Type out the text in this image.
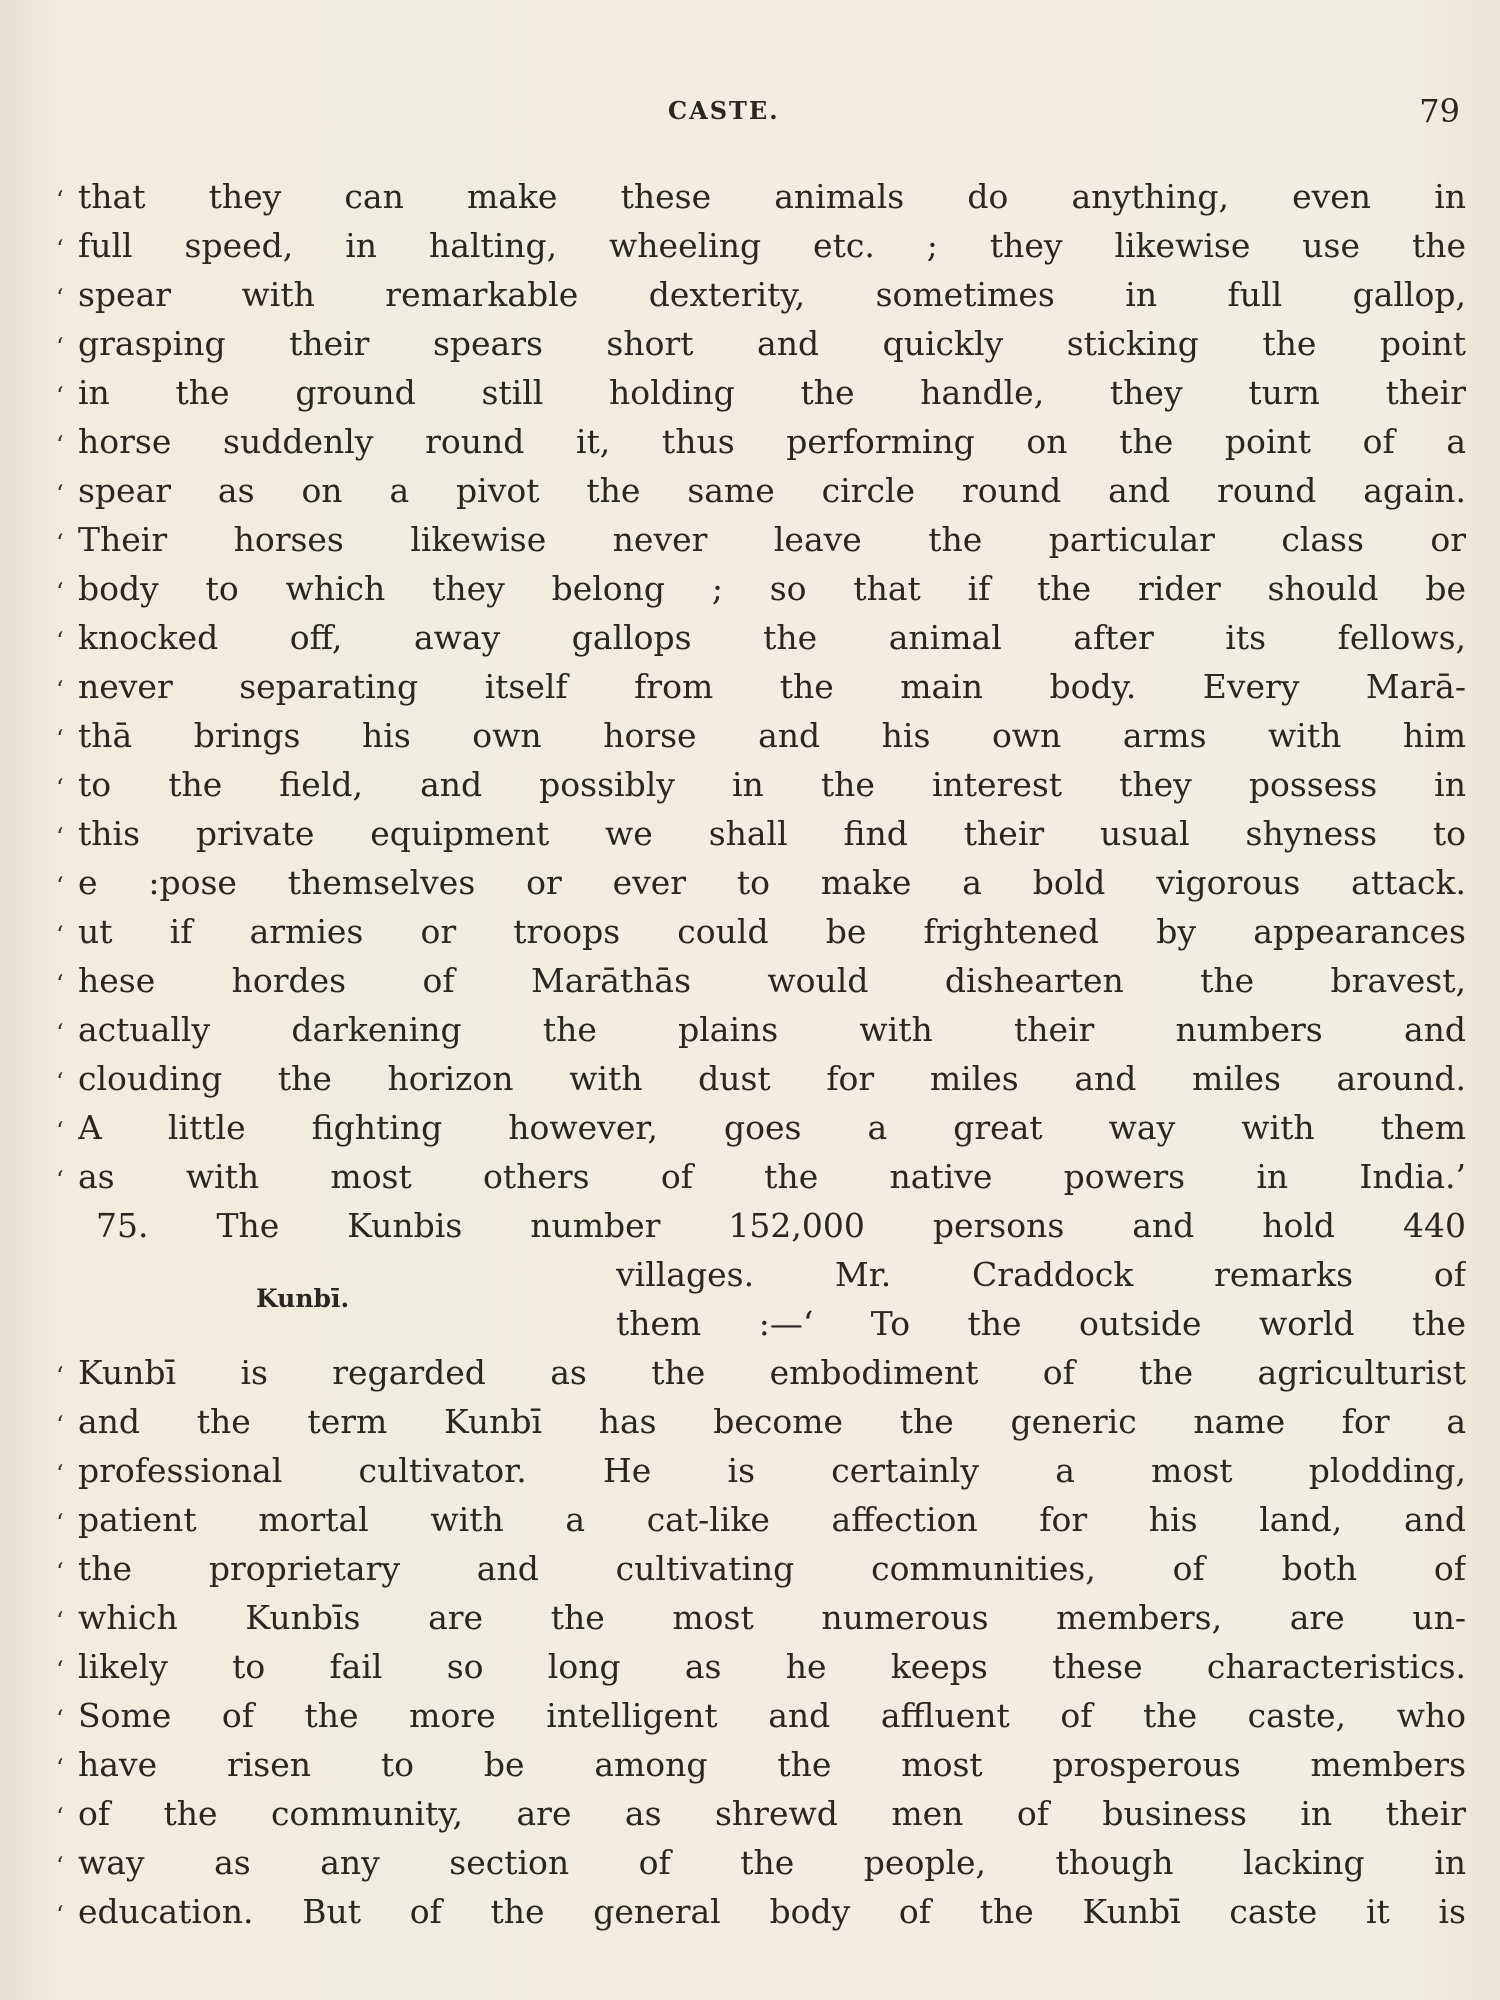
CASTE.	79
‘ that they can make these animals do anything, even in
‘ full speed, in halting, wheeling etc. ; they likewise use the
‘ spear with remarkable dexterity, sometimes in full gallop,
‘ grasping their spears short and quickly sticking the point
‘ in the ground still holding the handle, they turn their
‘ horse suddenly round it, thus performing on the point of a
‘ spear as on a pivot the same circle round and round again.
‘ Their horses likewise never leave the particular class or
‘ body to which they belong ; so that if the rider should be
‘ knocked off, away gallops the animal after its fellows,
‘ never separating itself from the main body. Every Marā-
‘ thā brings his own horse and his own arms with him
‘ to the field, and possibly in the interest they possess in
‘ this private equipment we shall find their usual shyness to
‘ e :pose themselves or ever to make a bold vigorous attack.
‘ ut if armies or troops could be frightened by appearances
‘ hese hordes of Marāthās would dishearten the bravest,
‘ actually darkening the plains with their numbers and
‘ clouding the horizon with dust for miles and miles around.
‘ A little fighting however, goes a great way with them
‘ as with most others of the native powers in India.’
75. The Kunbis number 152,000 persons and hold 440
Kunbī.
villages. Mr. Craddock remarks of
them :—‘ To the outside world the
‘ Kunbī is regarded as the embodiment of the agriculturist
‘ and the term Kunbī has become the generic name for a
‘ professional cultivator. He is certainly a most plodding,
‘ patient mortal with a cat-like affection for his land, and
‘ the proprietary and cultivating communities, of both of
‘ which Kunbīs are the most numerous members, are un-
‘ likely to fail so long as he keeps these characteristics.
‘ Some of the more intelligent and affluent of the caste, who
‘ have risen to be among the most prosperous members
‘ of the community, are as shrewd men of business in their
‘ way as any section of the people, though lacking in
‘ education. But of the general body of the Kunbī caste it is
